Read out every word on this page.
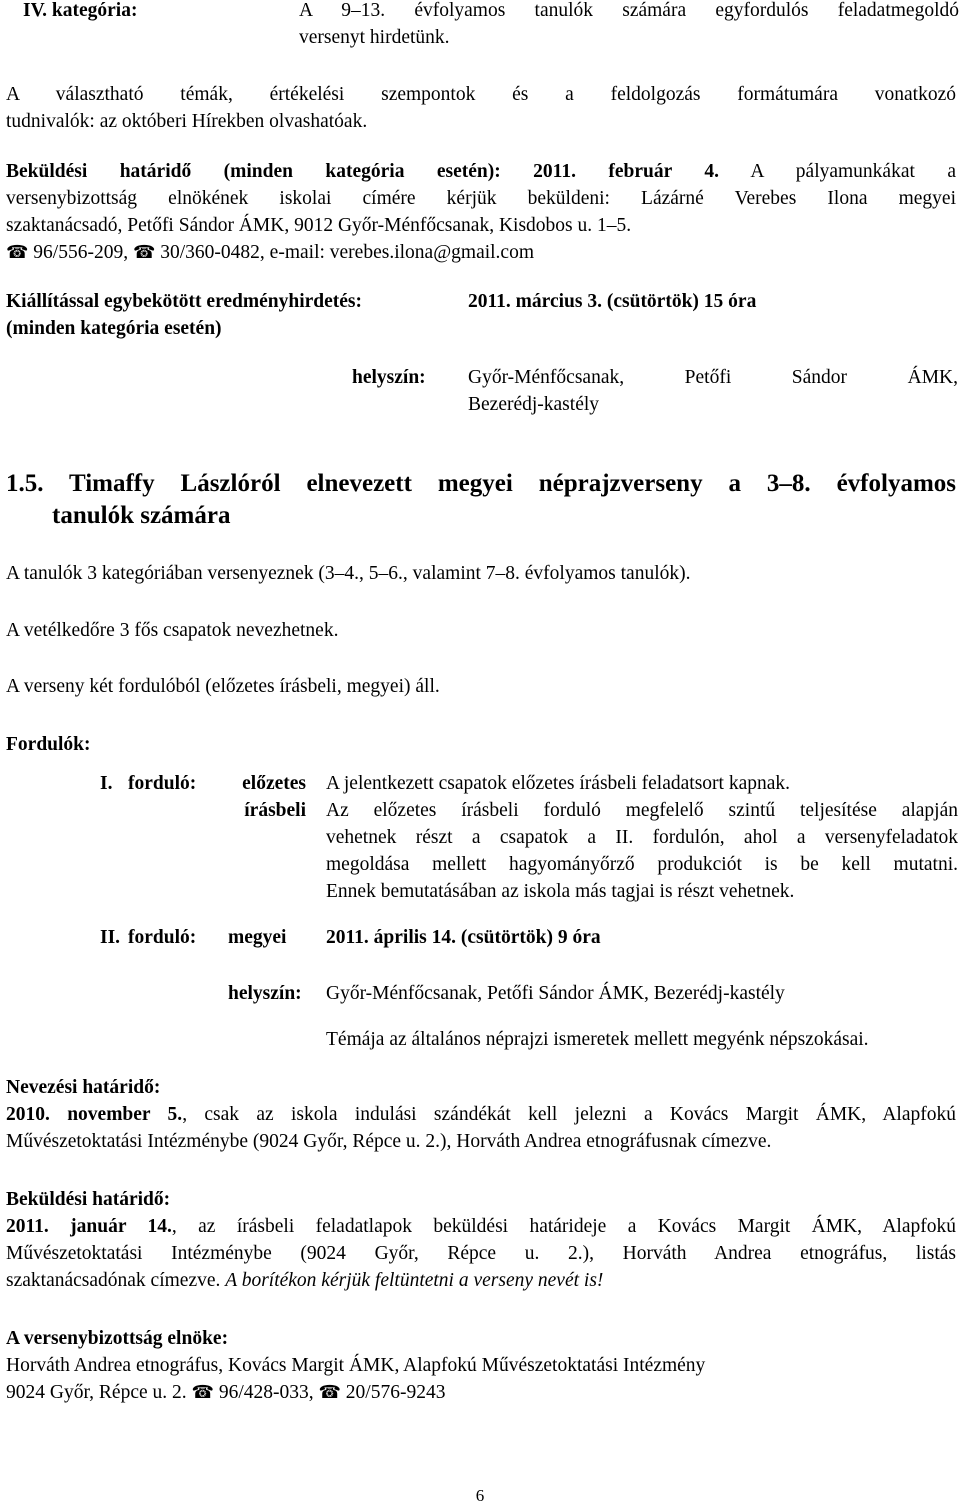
IV. kategória:	A 9–13. évfolyamos tanulók számára egyfordulós feladatmegoldó
versenyt hirdetünk.
A választható témák, értékelési szempontok és a feldolgozás formátumára vonatkozó
tudnivalók: az októberi Hírekben olvashatóak.
Beküldési határidő (minden kategória esetén): 2011. február 4. A pályamunkákat a
versenybizottság elnökének iskolai címére kérjük beküldeni: Lázárné Verebes Ilona megyei
szaktanácsadó, Petőfi Sándor ÁMK, 9012 Győr-Ménfőcsanak, Kisdobos u. 1–5.
☎ 96/556-209, ☎ 30/360-0482, e-mail: verebes.ilona@gmail.com
Kiállítással egybekötött eredményhirdetés:
(minden kategória esetén)
2011. március 3. (csütörtök) 15 óra
helyszín: Győr-Ménfőcsanak, Petőfi Sándor ÁMK,
Bezerédj-kastély
1.5. Timaffy Lászlóról elnevezett megyei néprajzverseny a 3–8. évfolyamos
tanulók számára
A tanulók 3 kategóriában versenyeznek (3–4., 5–6., valamint 7–8. évfolyamos tanulók).
A vetélkedőre 3 fős csapatok nevezhetnek.
A verseny két fordulóból (előzetes írásbeli, megyei) áll.
Fordulók:
I. forduló:	előzetes
írásbeli
A jelentkezett csapatok előzetes írásbeli feladatsort kapnak.
Az előzetes írásbeli forduló megfelelő szintű teljesítése alapján
vehetnek részt a csapatok a II. fordulón, ahol a versenyfeladatok
megoldása mellett hagyományőrző produkciót is be kell mutatni.
Ennek bemutatásában az iskola más tagjai is részt vehetnek.
II. forduló: megyei 2011. április 14. (csütörtök) 9 óra
helyszín: Győr-Ménfőcsanak, Petőfi Sándor ÁMK, Bezerédj-kastély
Témája az általános néprajzi ismeretek mellett megyénk népszokásai.
Nevezési határidő:
2010. november 5., csak az iskola indulási szándékát kell jelezni a Kovács Margit ÁMK, Alapfokú
Művészetoktatási Intézménybe (9024 Győr, Répce u. 2.), Horváth Andrea etnográfusnak címezve.
Beküldési határidő:
2011. január 14., az írásbeli feladatlapok beküldési határideje a Kovács Margit ÁMK, Alapfokú
Művészetoktatási Intézménybe (9024 Győr, Répce u. 2.), Horváth Andrea etnográfus, listás
szaktanácsadónak címezve. A borítékon kérjük feltüntetni a verseny nevét is!
A versenybizottság elnöke:
Horváth Andrea etnográfus, Kovács Margit ÁMK, Alapfokú Művészetoktatási Intézmény
9024 Győr, Répce u. 2. ☎ 96/428-033, ☎ 20/576-9243
6
